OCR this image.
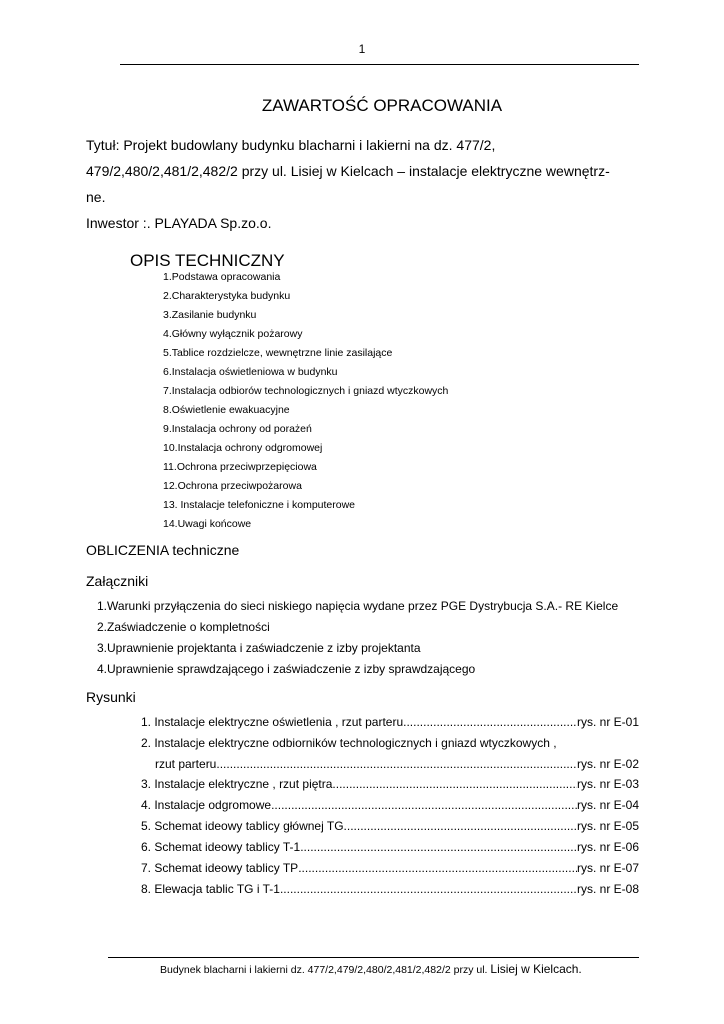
1
ZAWARTOŚĆ OPRACOWANIA
Tytuł: Projekt budowlany budynku blacharni i lakierni na dz. 477/2,
479/2,480/2,481/2,482/2 przy ul. Lisiej w Kielcach – instalacje elektryczne wewnętrz-
ne.
Inwestor :. PLAYADA Sp.zo.o.
OPIS TECHNICZNY
1.Podstawa opracowania
2.Charakterystyka budynku
3.Zasilanie budynku
4.Główny wyłącznik pożarowy
5.Tablice rozdzielcze, wewnętrzne linie zasilające
6.Instalacja oświetleniowa w budynku
7.Instalacja odbiorów technologicznych i gniazd wtyczkowych
8.Oświetlenie ewakuacyjne
9.Instalacja ochrony od porażeń
10.Instalacja ochrony odgromowej
11.Ochrona przeciwprzepięciowa
12.Ochrona przeciwpożarowa
13. Instalacje telefoniczne i komputerowe
14.Uwagi końcowe
OBLICZENIA techniczne
Załączniki
1.Warunki przyłączenia do sieci niskiego napięcia wydane przez PGE Dystrybucja S.A.- RE Kielce
2.Zaświadczenie o kompletności
3.Uprawnienie projektanta i zaświadczenie z izby projektanta
4.Uprawnienie sprawdzającego i zaświadczenie z izby sprawdzającego
Rysunki
1. Instalacje elektryczne oświetlenia , rzut parteru .....	rys. nr E-01
2. Instalacje elektryczne odbiorników technologicznych i gniazd wtyczkowych ,
rzut parteru .....	rys. nr E-02
3. Instalacje elektryczne , rzut piętra .....	rys. nr E-03
4. Instalacje odgromowe .....	rys. nr E-04
5. Schemat ideowy tablicy głównej TG .....	rys. nr E-05
6. Schemat ideowy tablicy T-1 .....	rys. nr E-06
7. Schemat ideowy tablicy TP .....	rys. nr E-07
8. Elewacja tablic TG i T-1 .....	rys. nr E-08
Budynek blacharni i lakierni dz. 477/2,479/2,480/2,481/2,482/2 przy ul. Lisiej w Kielcach.
